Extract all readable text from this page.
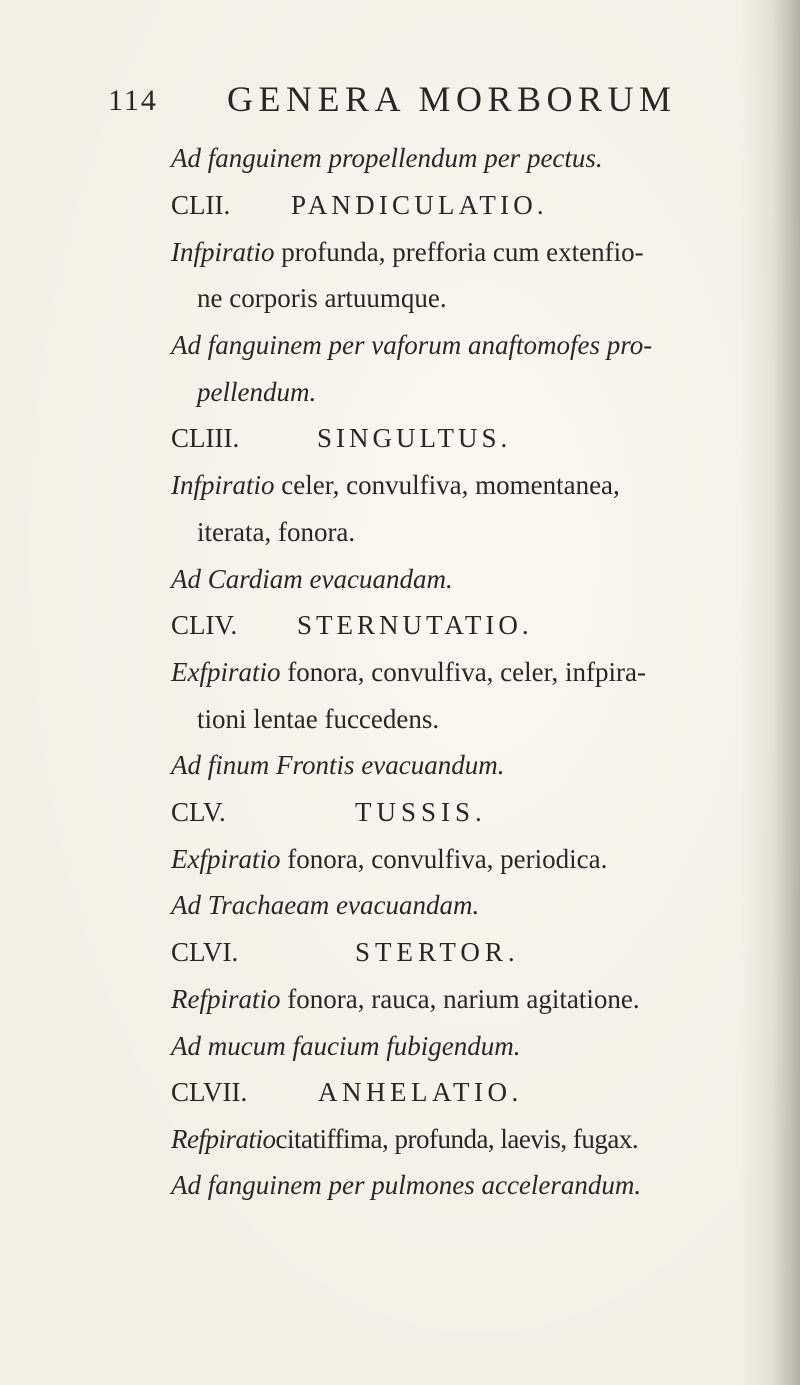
114 GENERA MORBORUM
Ad fanguinem propellendum per pectus.
CLII. PANDICULATIO.
Infpiratio profunda, prefforia cum extenfio-
ne corporis artuumque.
Ad fanguinem per vaforum anaftomofes pro-
pellendum.
CLIII.	SINGULTUS.
Infpiratio celer, convulfiva, momentanea,
iterata, fonora.
Ad Cardiam evacuandam.
CLIV. STERNUTATIO.
Exfpiratio fonora, convulfiva, celer, infpira-
tioni lentae fuccedens.
Ad finum Frontis evacuandum.
CLV.	TUSSIS.
Exfpiratio fonora, convulfiva, periodica.
Ad Trachaeam evacuandam.
CLVI.	STERTOR.
Refpiratio fonora, rauca, narium agitatione.
Ad mucum faucium fubigendum.
CLVII.	ANHELATIO.
Refpiratiocitatiffima, profunda, laevis, fugax.
Ad fanguinem per pulmones accelerandum.
